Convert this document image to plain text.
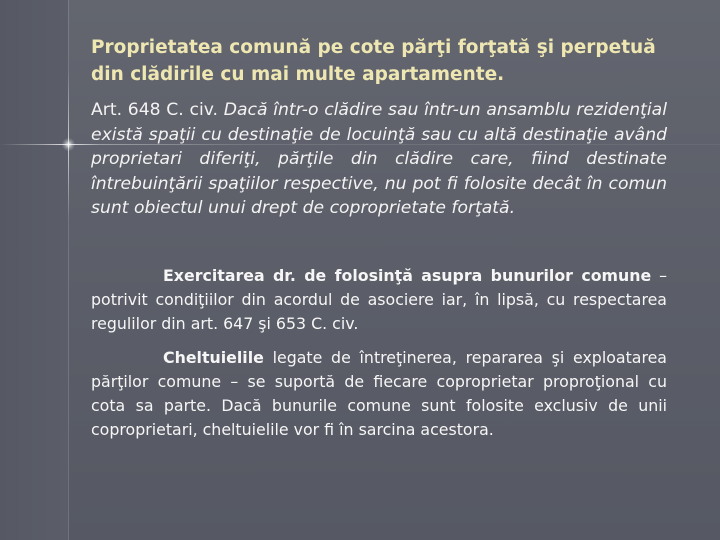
Proprietatea comună pe cote părţi forţată şi perpetuă din clădirile cu mai multe apartamente.
Art. 648 C. civ. Dacă într-o clădire sau într-un ansamblu rezidenţial există spaţii cu destinaţie de locuinţă sau cu altă destinaţie având proprietari diferiţi, părţile din clădire care, fiind destinate întrebuinţării spaţiilor respective, nu pot fi folosite decât în comun sunt obiectul unui drept de coproprietate forţată.
Exercitarea dr. de folosinţă asupra bunurilor comune – potrivit condiţiilor din acordul de asociere iar, în lipsă, cu respectarea regulilor din art. 647 şi 653 C. civ.
Cheltuielile legate de întreţinerea, repararea şi exploatarea părţilor comune – se suportă de fiecare coproprietar proproţional cu cota sa parte. Dacă bunurile comune sunt folosite exclusiv de unii coproprietari, cheltuielile vor fi în sarcina acestora.
